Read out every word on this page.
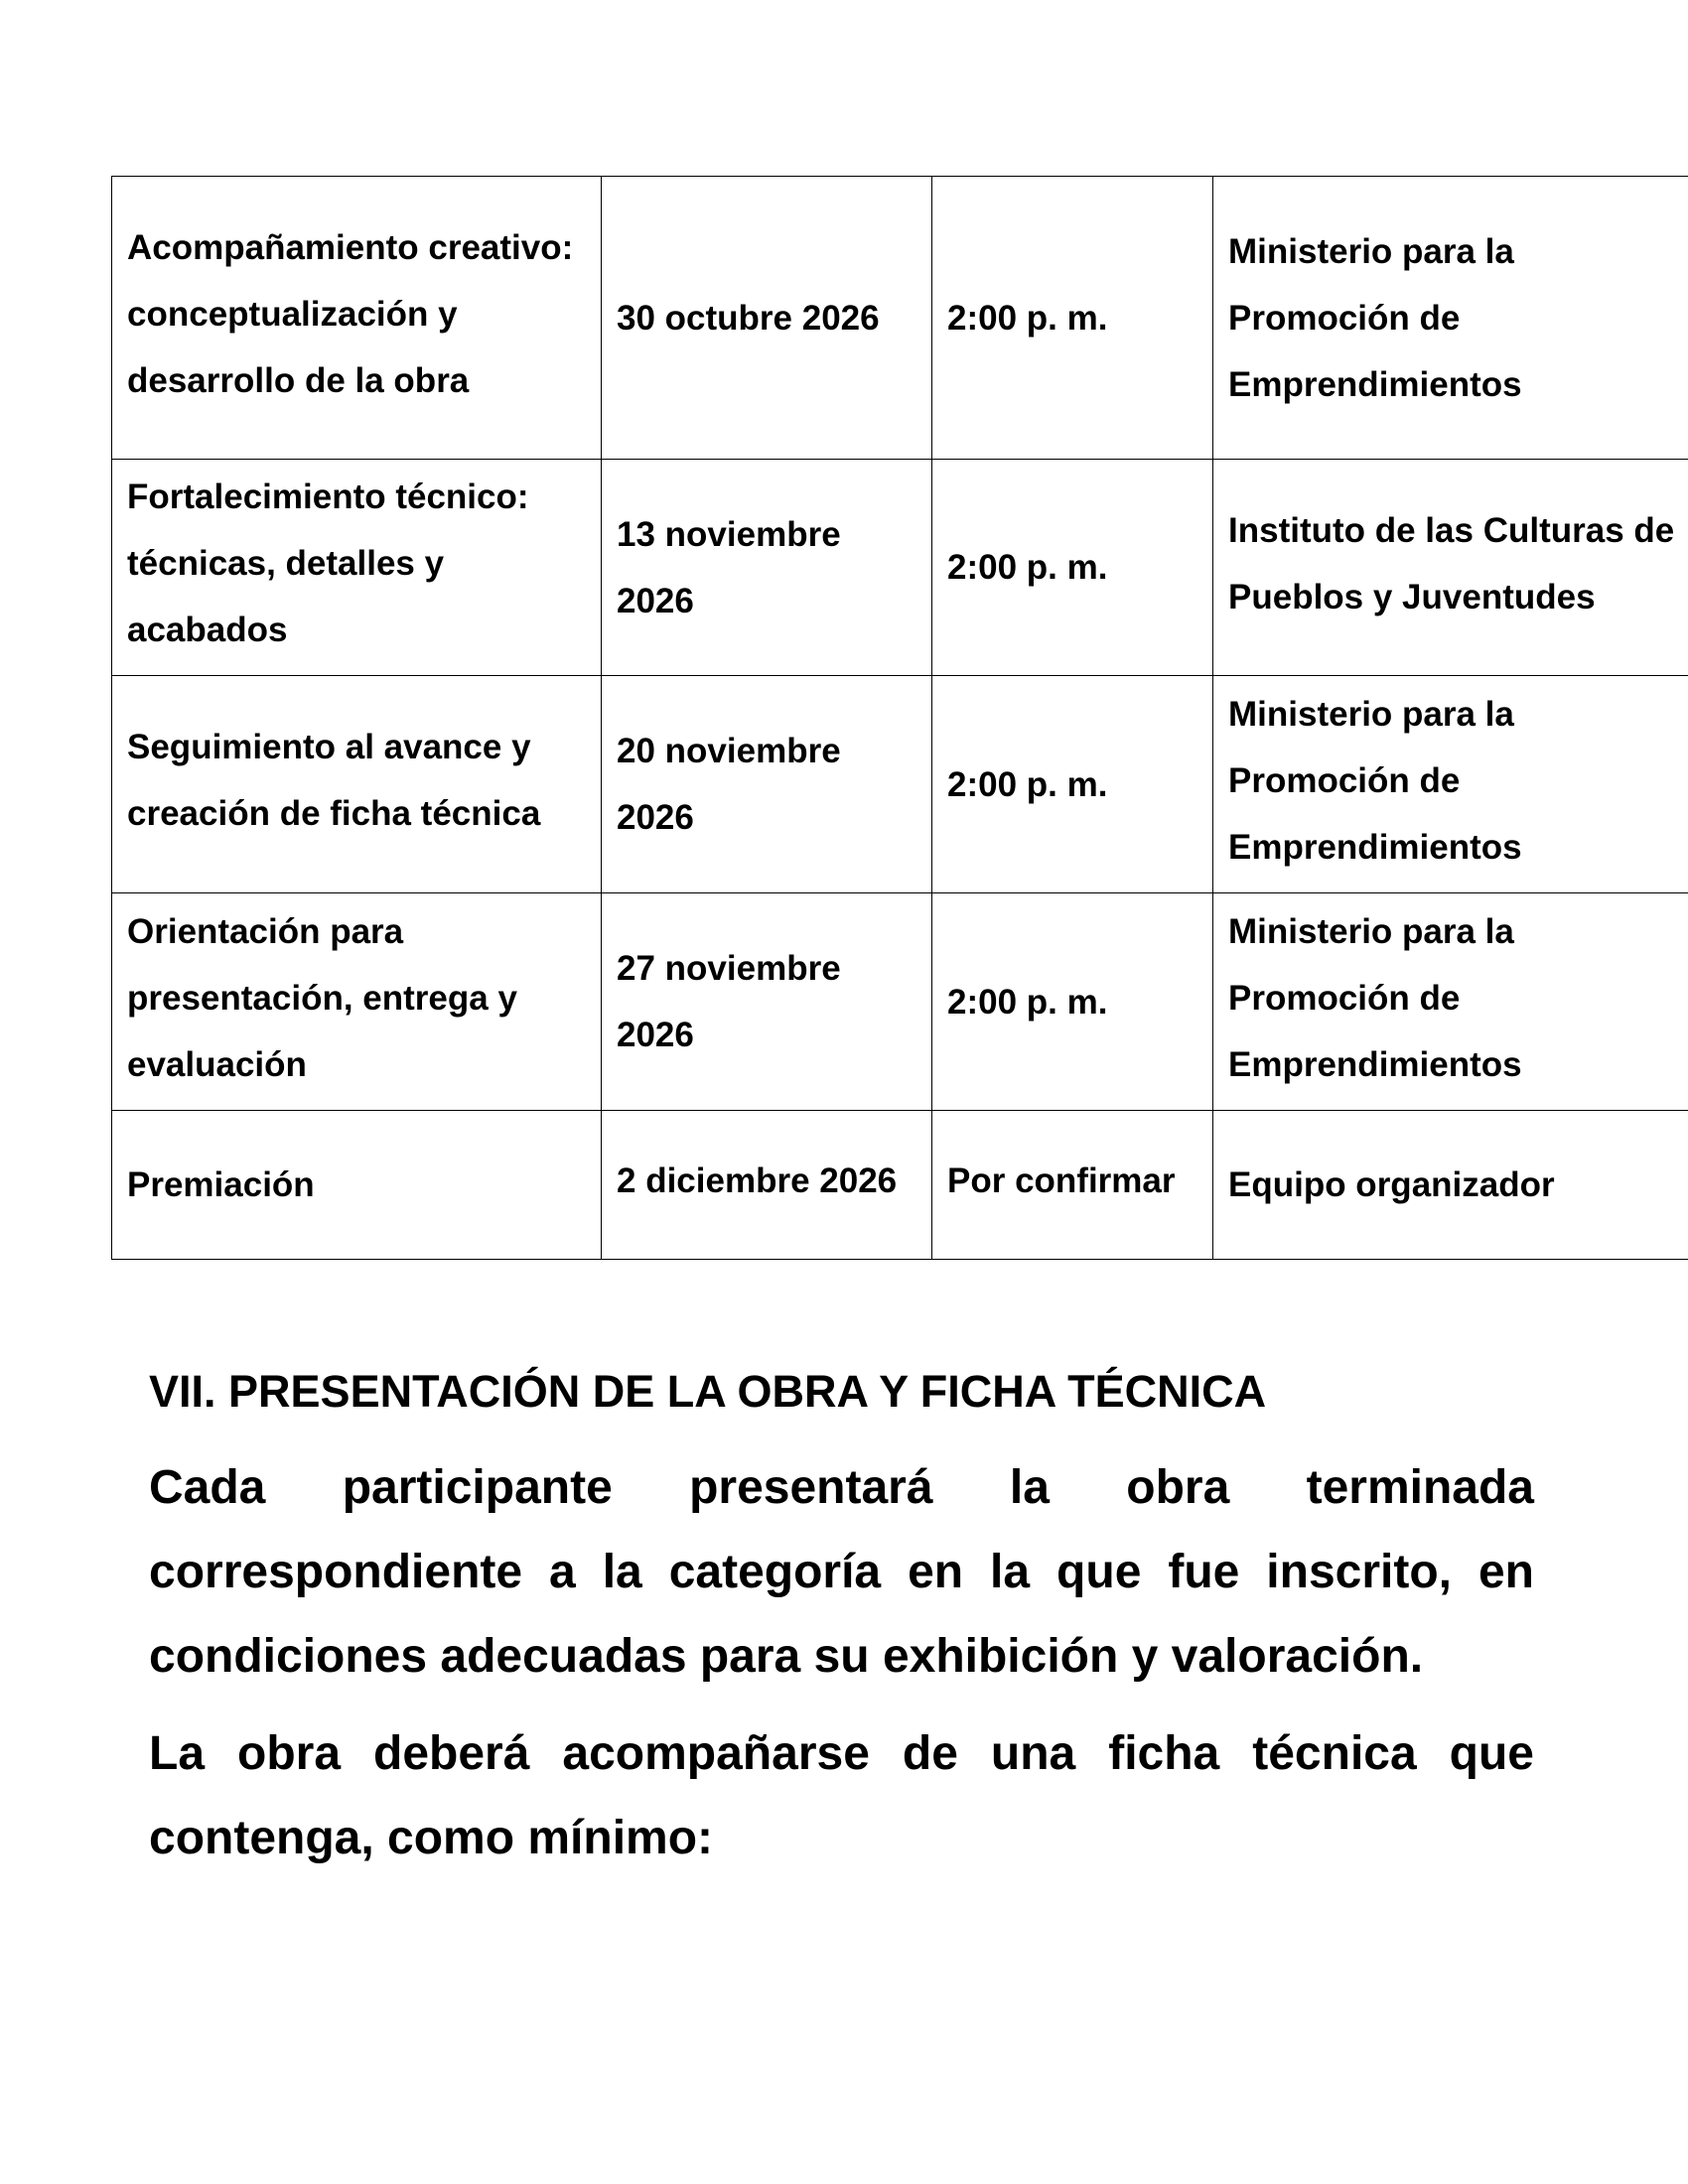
Acompañamiento creativo: conceptualización y desarrollo de la obra	30 octubre 2026	2:00 p. m.	Ministerio para la Promoción de Emprendimientos

Fortalecimiento técnico: técnicas, detalles y acabados	13 noviembre 2026	2:00 p. m.	Instituto de las Culturas de Pueblos y Juventudes

Seguimiento al avance y creación de ficha técnica	20 noviembre 2026	2:00 p. m.	Ministerio para la Promoción de Emprendimientos

Orientación para presentación, entrega y evaluación	27 noviembre 2026	2:00 p. m.	Ministerio para la Promoción de Emprendimientos

Premiación	2 diciembre 2026	Por confirmar	Equipo organizador
VII. PRESENTACIÓN DE LA OBRA Y FICHA TÉCNICA

Cada participante presentará la obra terminada correspondiente a la categoría en la que fue inscrito, en condiciones adecuadas para su exhibición y valoración.

La obra deberá acompañarse de una ficha técnica que contenga, como mínimo:
